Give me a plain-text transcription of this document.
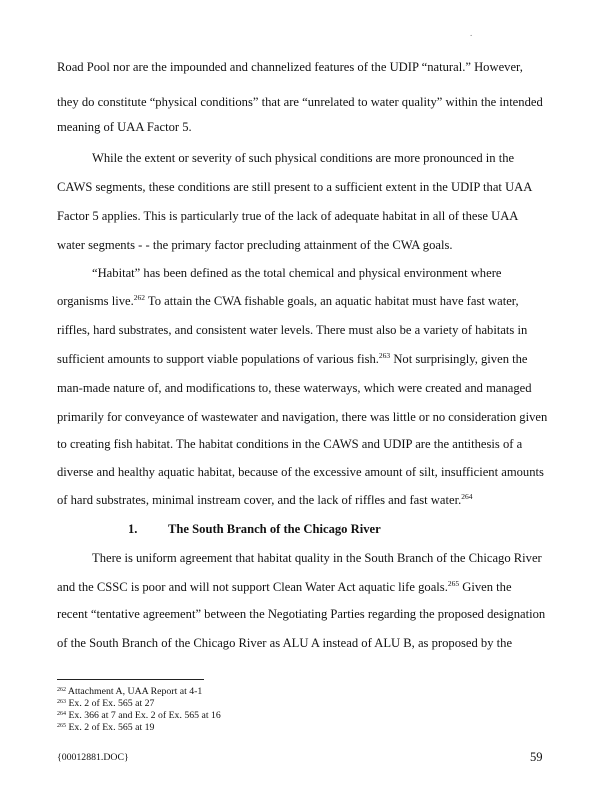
.
Road Pool nor are the impounded and channelized features of the UDIP “natural.” However,
they do constitute “physical conditions” that are “unrelated to water quality” within the intended
meaning of UAA Factor 5.
While the extent or severity of such physical conditions are more pronounced in the
CAWS segments, these conditions are still present to a sufficient extent in the UDIP that UAA
Factor 5 applies. This is particularly true of the lack of adequate habitat in all of these UAA
water segments - - the primary factor precluding attainment of the CWA goals.
“Habitat” has been defined as the total chemical and physical environment where
organisms live.$^{262}$ To attain the CWA fishable goals, an aquatic habitat must have fast water,
riffles, hard substrates, and consistent water levels. There must also be a variety of habitats in
sufficient amounts to support viable populations of various fish.$^{263}$ Not surprisingly, given the
man-made nature of, and modifications to, these waterways, which were created and managed
primarily for conveyance of wastewater and navigation, there was little or no consideration given
to creating fish habitat. The habitat conditions in the CAWS and UDIP are the antithesis of a
diverse and healthy aquatic habitat, because of the excessive amount of silt, insufficient amounts
of hard substrates, minimal instream cover, and the lack of riffles and fast water.$^{264}$
1. The South Branch of the Chicago River
There is uniform agreement that habitat quality in the South Branch of the Chicago River
and the CSSC is poor and will not support Clean Water Act aquatic life goals.$^{265}$ Given the
recent “tentative agreement” between the Negotiating Parties regarding the proposed designation
of the South Branch of the Chicago River as ALU A instead of ALU B, as proposed by the
$^{262}$ Attachment A, UAA Report at 4-1
$^{263}$ Ex. 2 of Ex. 565 at 27
$^{264}$ Ex. 366 at 7 and Ex. 2 of Ex. 565 at 16
$^{265}$ Ex. 2 of Ex. 565 at 19
{00012881.DOC}	59
